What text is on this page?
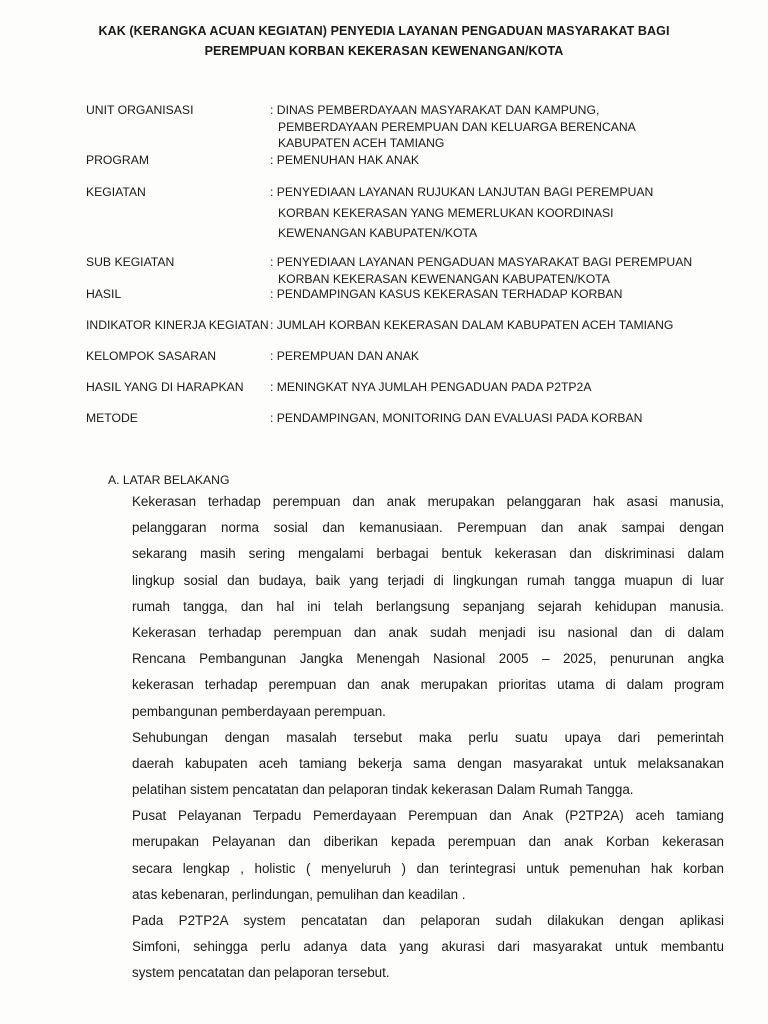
KAK (KERANGKA ACUAN KEGIATAN) PENYEDIA LAYANAN PENGADUAN MASYARAKAT BAGI
PEREMPUAN KORBAN KEKERASAN KEWENANGAN/KOTA
UNIT ORGANISASI	: DINAS PEMBERDAYAAN MASYARAKAT DAN KAMPUNG,
PEMBERDAYAAN PEREMPUAN DAN KELUARGA BERENCANA
KABUPATEN ACEH TAMIANG
PROGRAM	: PEMENUHAN HAK ANAK
KEGIATAN	: PENYEDIAAN LAYANAN RUJUKAN LANJUTAN BAGI PEREMPUAN
KORBAN KEKERASAN YANG MEMERLUKAN KOORDINASI
KEWENANGAN KABUPATEN/KOTA
SUB KEGIATAN	: PENYEDIAAN LAYANAN PENGADUAN MASYARAKAT BAGI PEREMPUAN
KORBAN KEKERASAN KEWENANGAN KABUPATEN/KOTA
HASIL	: PENDAMPINGAN KASUS KEKERASAN TERHADAP KORBAN
INDIKATOR KINERJA KEGIATAN : JUMLAH KORBAN KEKERASAN DALAM KABUPATEN ACEH TAMIANG
KELOMPOK SASARAN	: PEREMPUAN DAN ANAK
HASIL YANG DI HARAPKAN : MENINGKAT NYA JUMLAH PENGADUAN PADA P2TP2A
METODE	: PENDAMPINGAN, MONITORING DAN EVALUASI PADA KORBAN
A. LATAR BELAKANG
Kekerasan terhadap perempuan dan anak merupakan pelanggaran hak asasi manusia,
pelanggaran norma sosial dan kemanusiaan. Perempuan dan anak sampai dengan
sekarang masih sering mengalami berbagai bentuk kekerasan dan diskriminasi dalam
lingkup sosial dan budaya, baik yang terjadi di lingkungan rumah tangga muapun di luar
rumah tangga, dan hal ini telah berlangsung sepanjang sejarah kehidupan manusia.
Kekerasan terhadap perempuan dan anak sudah menjadi isu nasional dan di dalam
Rencana Pembangunan Jangka Menengah Nasional 2005 – 2025, penurunan angka
kekerasan terhadap perempuan dan anak merupakan prioritas utama di dalam program
pembangunan pemberdayaan perempuan.
Sehubungan dengan masalah tersebut maka perlu suatu upaya dari pemerintah
daerah kabupaten aceh tamiang bekerja sama dengan masyarakat untuk melaksanakan
pelatihan sistem pencatatan dan pelaporan tindak kekerasan Dalam Rumah Tangga.
Pusat Pelayanan Terpadu Pemerdayaan Perempuan dan Anak (P2TP2A) aceh tamiang
merupakan Pelayanan dan diberikan kepada perempuan dan anak Korban kekerasan
secara lengkap , holistic ( menyeluruh ) dan terintegrasi untuk pemenuhan hak korban
atas kebenaran, perlindungan, pemulihan dan keadilan .
Pada P2TP2A system pencatatan dan pelaporan sudah dilakukan dengan aplikasi
Simfoni, sehingga perlu adanya data yang akurasi dari masyarakat untuk membantu
system pencatatan dan pelaporan tersebut.
